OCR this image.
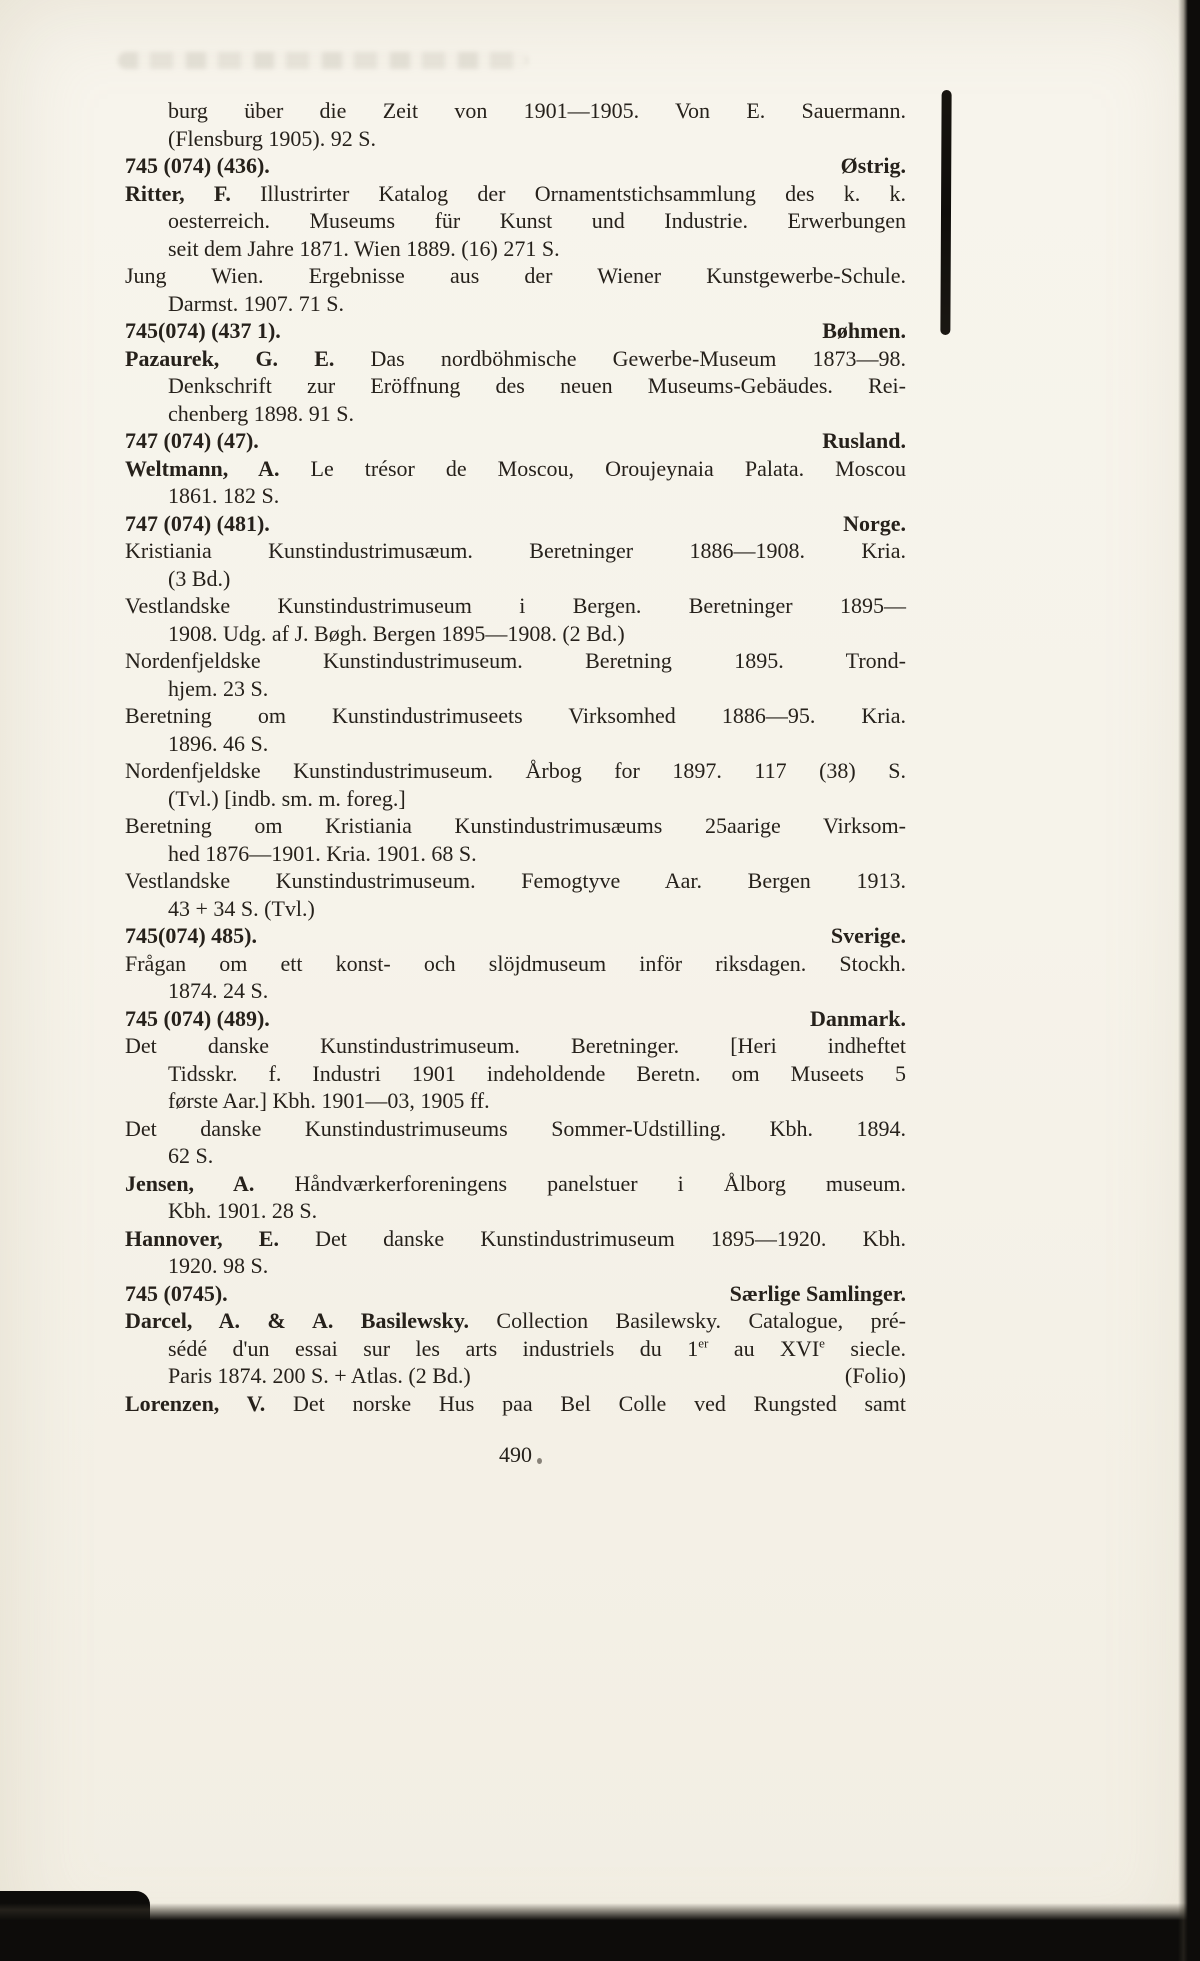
burg über die Zeit von 1901—1905. Von E. Sauermann.
(Flensburg 1905). 92 S.
745 (074) (436).	Østrig.
Ritter, F. Illustrirter Katalog der Ornamentstichsammlung des k. k.
oesterreich. Museums für Kunst und Industrie. Erwerbungen
seit dem Jahre 1871. Wien 1889. (16) 271 S.
Jung Wien. Ergebnisse aus der Wiener Kunstgewerbe-Schule.
Darmst. 1907. 71 S.
745(074) (437 1).	Bøhmen.
Pazaurek, G. E. Das nordböhmische Gewerbe-Museum 1873—98.
Denkschrift zur Eröffnung des neuen Museums-Gebäudes. Rei-
chenberg 1898. 91 S.
747 (074) (47).	Rusland.
Weltmann, A. Le trésor de Moscou, Oroujeynaia Palata. Moscou
1861. 182 S.
747 (074) (481).	Norge.
Kristiania Kunstindustrimusæum. Beretninger 1886—1908. Kria.
(3 Bd.)
Vestlandske Kunstindustrimuseum i Bergen. Beretninger 1895—
1908. Udg. af J. Bøgh. Bergen 1895—1908. (2 Bd.)
Nordenfjeldske Kunstindustrimuseum. Beretning 1895. Trond-
hjem. 23 S.
Beretning om Kunstindustrimuseets Virksomhed 1886—95. Kria.
1896. 46 S.
Nordenfjeldske Kunstindustrimuseum. Årbog for 1897. 117 (38) S.
(Tvl.) [indb. sm. m. foreg.]
Beretning om Kristiania Kunstindustrimusæums 25aarige Virksom-
hed 1876—1901. Kria. 1901. 68 S.
Vestlandske Kunstindustrimuseum. Femogtyve Aar. Bergen 1913.
43 + 34 S. (Tvl.)
745(074) 485).	Sverige.
Frågan om ett konst- och slöjdmuseum inför riksdagen. Stockh.
1874. 24 S.
745 (074) (489).	Danmark.
Det danske Kunstindustrimuseum. Beretninger. [Heri indheftet
Tidsskr. f. Industri 1901 indeholdende Beretn. om Museets 5
første Aar.] Kbh. 1901—03, 1905 ff.
Det danske Kunstindustrimuseums Sommer-Udstilling. Kbh. 1894.
62 S.
Jensen, A. Håndværkerforeningens panelstuer i Ålborg museum.
Kbh. 1901. 28 S.
Hannover, E. Det danske Kunstindustrimuseum 1895—1920. Kbh.
1920. 98 S.
745 (0745).	Særlige Samlinger.
Darcel, A. & A. Basilewsky. Collection Basilewsky. Catalogue, pré-
sédé d'un essai sur les arts industriels du 1er au XVIe siecle.
Paris 1874. 200 S. + Atlas. (2 Bd.)	(Folio)
Lorenzen, V. Det norske Hus paa Bel Colle ved Rungsted samt
490
